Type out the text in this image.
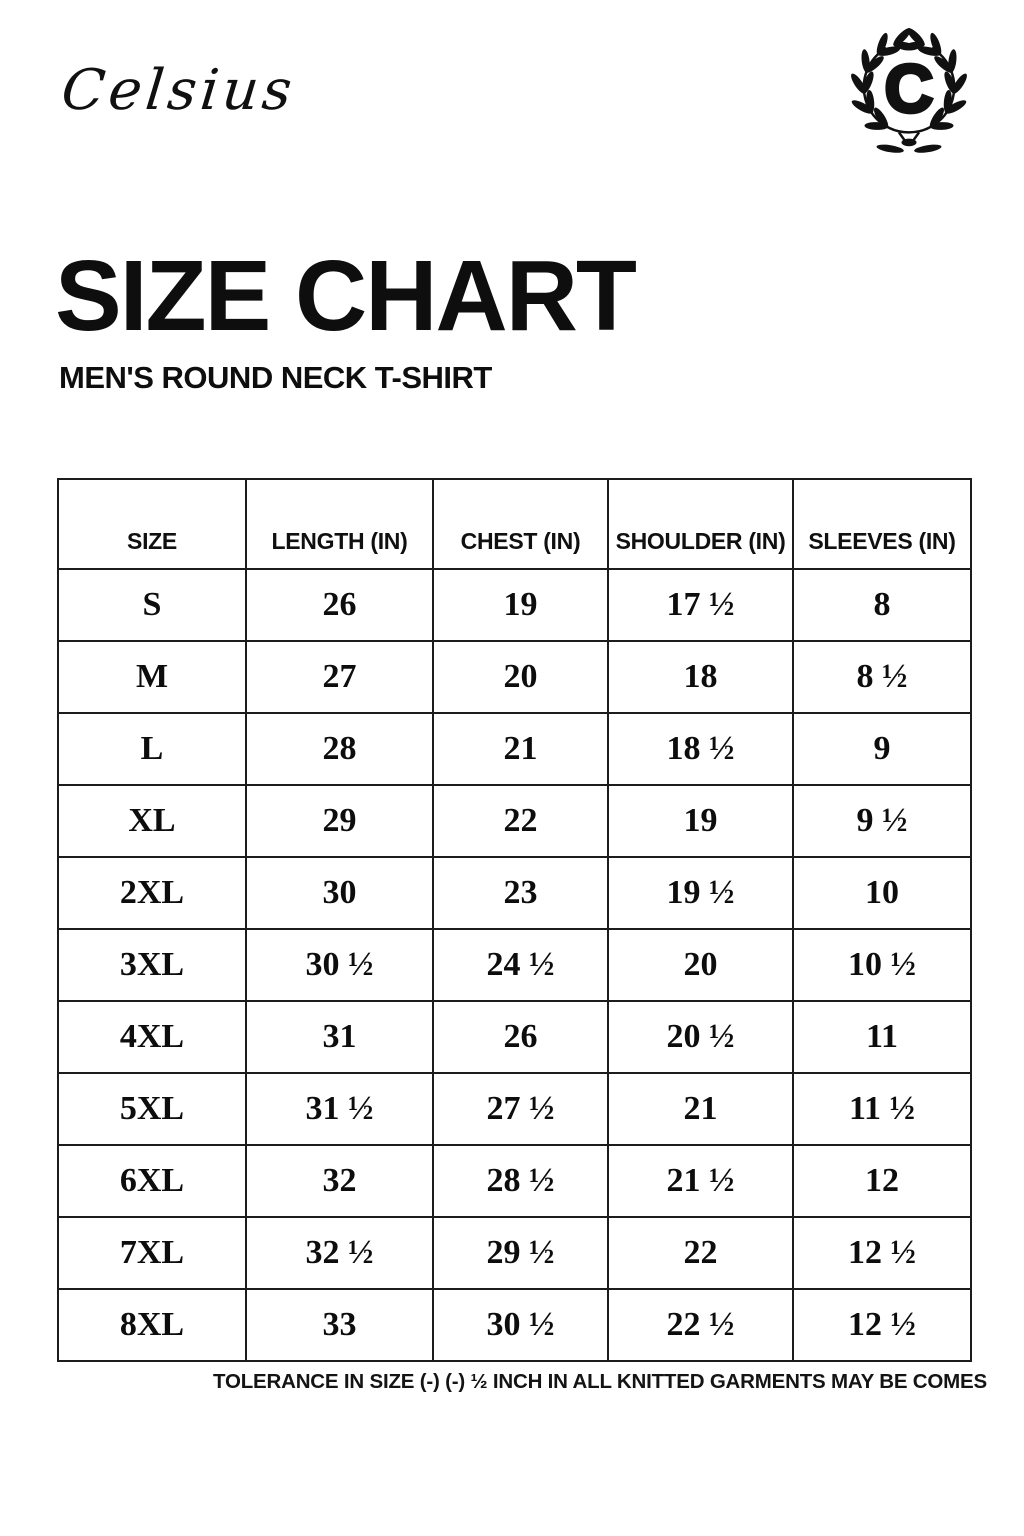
Celsius	C
SIZE CHART
MEN'S ROUND NECK T-SHIRT
SIZE	LENGTH (IN)	CHEST (IN)	SHOULDER (IN)	SLEEVES (IN)
S	26	19	17 ½	8
M	27	20	18	8 ½
L	28	21	18 ½	9
XL	29	22	19	9 ½
2XL	30	23	19 ½	10
3XL	30 ½	24 ½	20	10 ½
4XL	31	26	20 ½	11
5XL	31 ½	27 ½	21	11 ½
6XL	32	28 ½	21 ½	12
7XL	32 ½	29 ½	22	12 ½
8XL	33	30 ½	22 ½	12 ½
TOLERANCE IN SIZE (-) (-) ½ INCH IN ALL KNITTED GARMENTS MAY BE COMES
